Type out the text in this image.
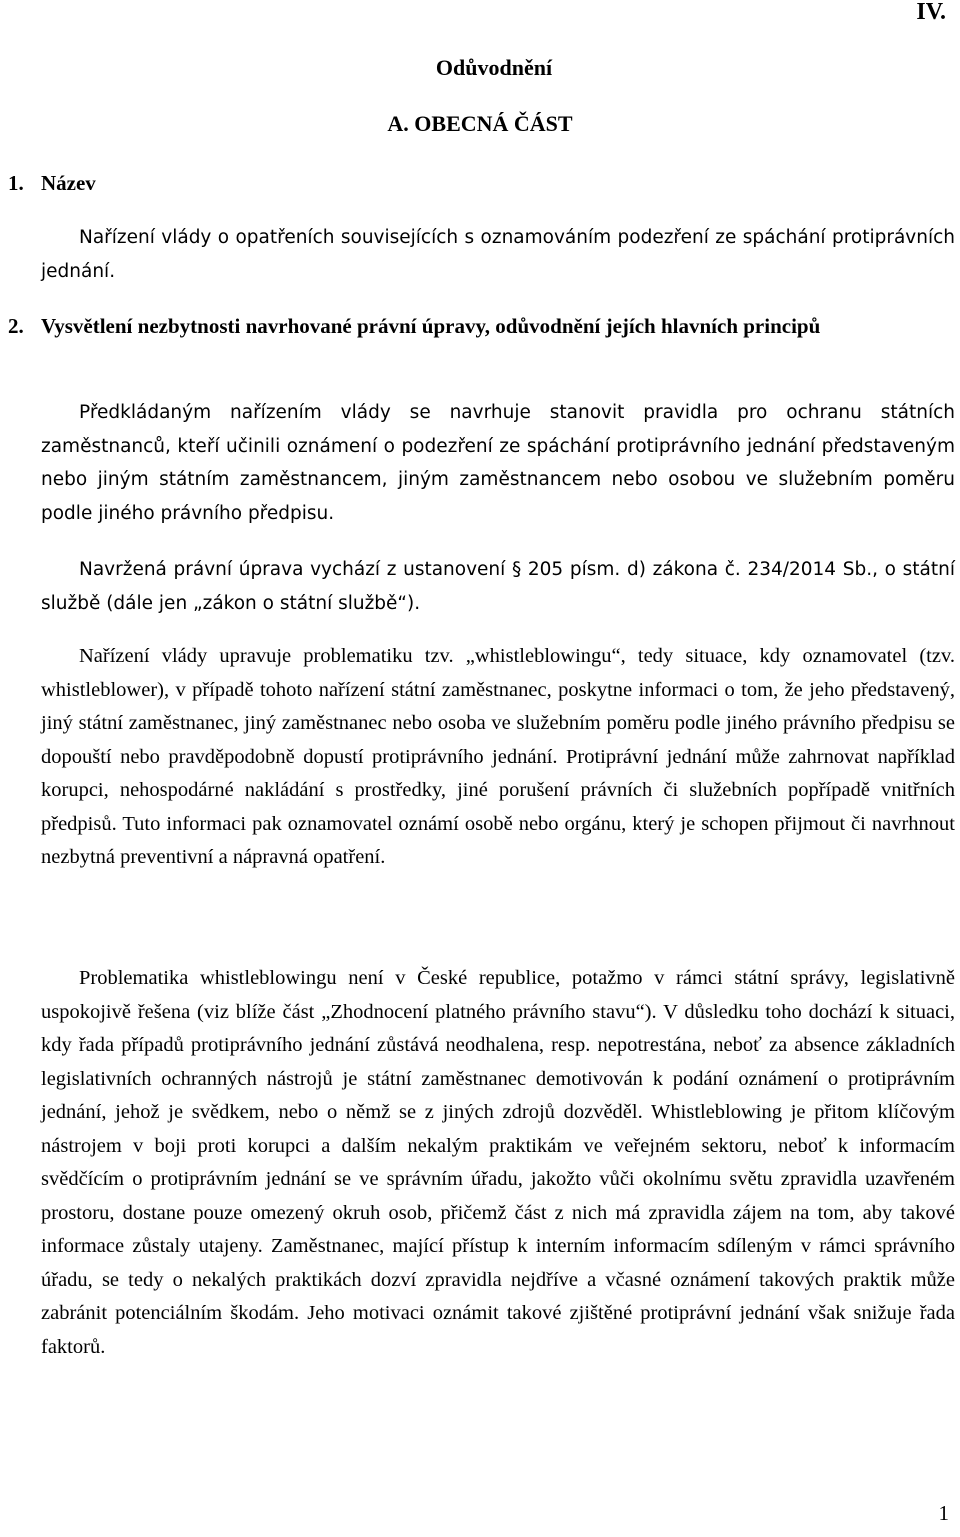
IV.
Odůvodnění
A. OBECNÁ ČÁST
1. Název

Nařízení vlády o opatřeních souvisejících s oznamováním podezření ze spáchání protiprávních jednání.

2. Vysvětlení nezbytnosti navrhované právní úpravy, odůvodnění jejích hlavních principů

Předkládaným nařízením vlády se navrhuje stanovit pravidla pro ochranu státních zaměstnanců, kteří učinili oznámení o podezření ze spáchání protiprávního jednání představeným nebo jiným státním zaměstnancem, jiným zaměstnancem nebo osobou ve služebním poměru podle jiného právního předpisu.

Navržená právní úprava vychází z ustanovení § 205 písm. d) zákona č. 234/2014 Sb., o státní službě (dále jen „zákon o státní službě“).

Nařízení vlády upravuje problematiku tzv. „whistleblowingu“, tedy situace, kdy oznamovatel (tzv. whistleblower), v případě tohoto nařízení státní zaměstnanec, poskytne informaci o tom, že jeho představený, jiný státní zaměstnanec, jiný zaměstnanec nebo osoba ve služebním poměru podle jiného právního předpisu se dopouští nebo pravděpodobně dopustí protiprávního jednání. Protiprávní jednání může zahrnovat například korupci, nehospodárné nakládání s prostředky, jiné porušení právních či služebních popřípadě vnitřních předpisů. Tuto informaci pak oznamovatel oznámí osobě nebo orgánu, který je schopen přijmout či navrhnout nezbytná preventivní a nápravná opatření.

Problematika whistleblowingu není v České republice, potažmo v rámci státní správy, legislativně uspokojivě řešena (viz blíže část „Zhodnocení platného právního stavu“). V důsledku toho dochází k situaci, kdy řada případů protiprávního jednání zůstává neodhalena, resp. nepotrestána, neboť za absence základních legislativních ochranných nástrojů je státní zaměstnanec demotivován k podání oznámení o protiprávním jednání, jehož je svědkem, nebo o němž se z jiných zdrojů dozvěděl. Whistleblowing je přitom klíčovým nástrojem v boji proti korupci a dalším nekalým praktikám ve veřejném sektoru, neboť k informacím svědčícím o protiprávním jednání se ve správním úřadu, jakožto vůči okolnímu světu zpravidla uzavřeném prostoru, dostane pouze omezený okruh osob, přičemž část z nich má zpravidla zájem na tom, aby takové informace zůstaly utajeny. Zaměstnanec, mající přístup k interním informacím sdíleným v rámci správního úřadu, se tedy o nekalých praktikách dozví zpravidla nejdříve a včasné oznámení takových praktik může zabránit potenciálním škodám. Jeho motivaci oznámit takové zjištěné protiprávní jednání však snižuje řada faktorů.

1
